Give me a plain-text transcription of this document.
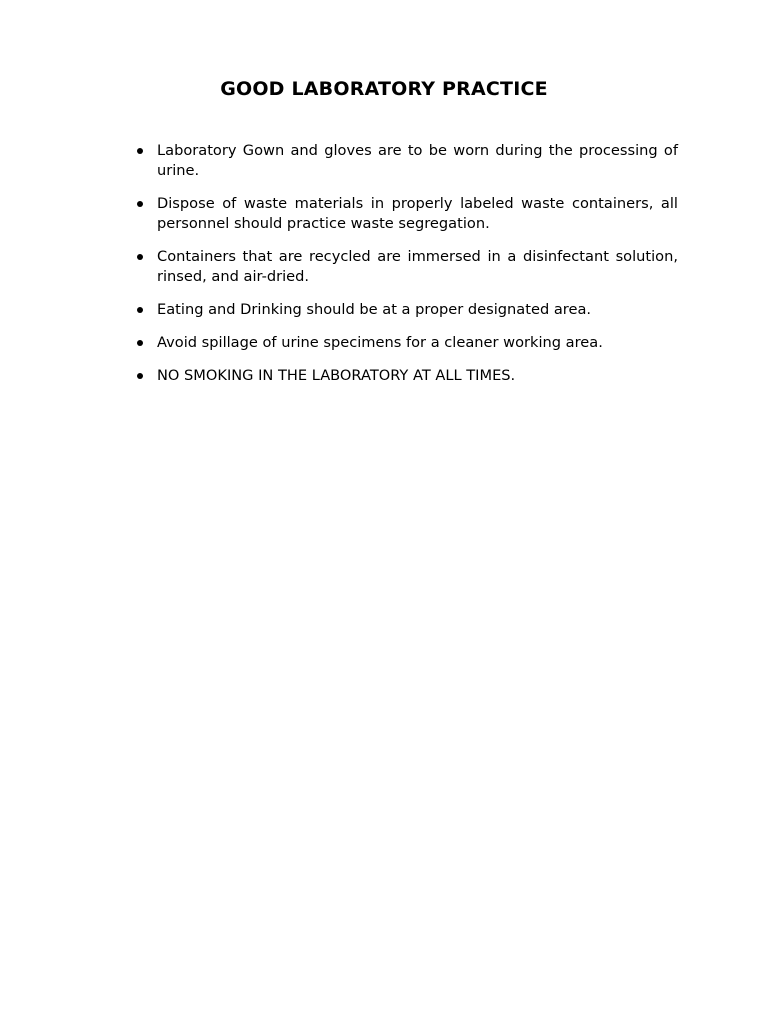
GOOD LABORATORY PRACTICE
Laboratory Gown and gloves are to be worn during the processing of urine.
Dispose of waste materials in properly labeled waste containers, all personnel should practice waste segregation.
Containers that are recycled are immersed in a disinfectant solution, rinsed, and air-dried.
Eating and Drinking should be at a proper designated area.
Avoid spillage of urine specimens for a cleaner working area.
NO SMOKING IN THE LABORATORY AT ALL TIMES.
